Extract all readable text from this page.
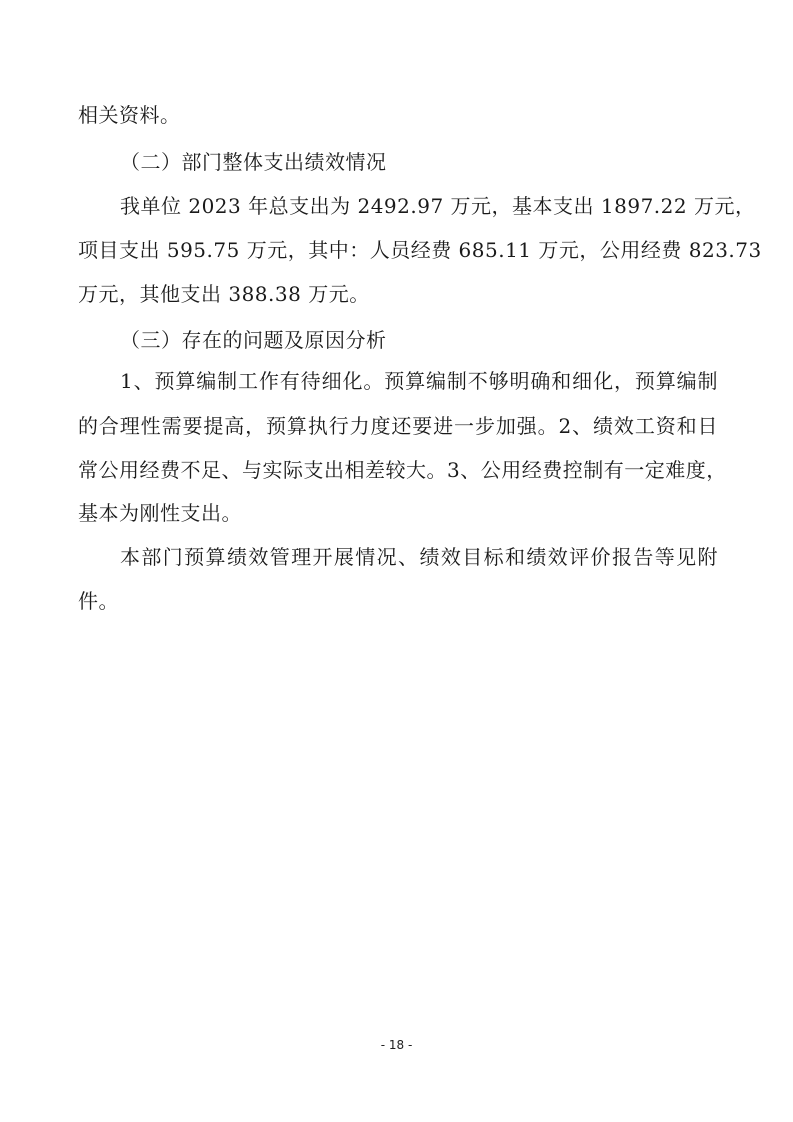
相关资料。
（二）部门整体支出绩效情况
我单位 2023 年总支出为 2492.97 万元，基本支出 1897.22 万元，
项目支出 595.75 万元，其中：人员经费 685.11 万元，公用经费 823.73
万元，其他支出 388.38 万元。
（三）存在的问题及原因分析
1、预算编制工作有待细化。预算编制不够明确和细化，预算编制
的合理性需要提高，预算执行力度还要进一步加强。2、绩效工资和日
常公用经费不足、与实际支出相差较大。3、公用经费控制有一定难度，
基本为刚性支出。
本部门预算绩效管理开展情况、绩效目标和绩效评价报告等见附
件。
- 18 -
